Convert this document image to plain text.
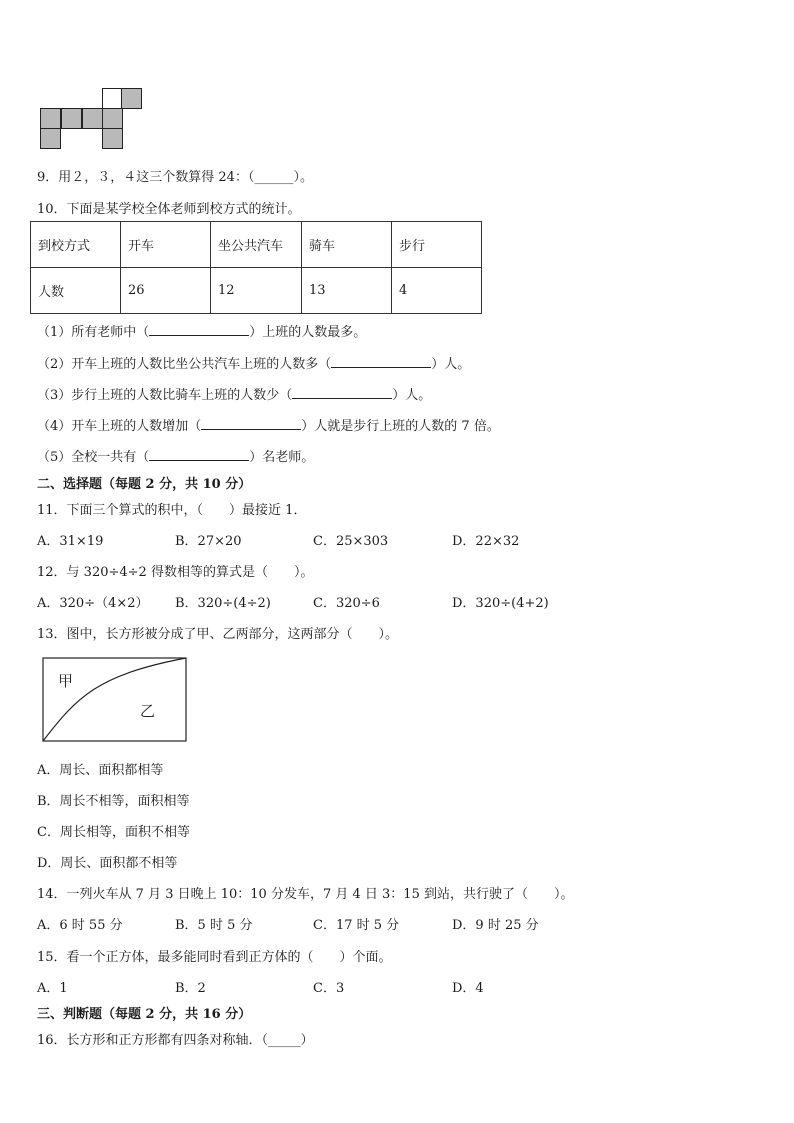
9．用２，３，４这三个数算得 24：（______）。
10．下面是某学校全体老师到校方式的统计。
到校方式	开车	坐公共汽车	骑车	步行
人数	26	12	13	4
（1）所有老师中（	）上班的人数最多。
（2）开车上班的人数比坐公共汽车上班的人数多（	）人。
（3）步行上班的人数比骑车上班的人数少（	）人。
（4）开车上班的人数增加（	）人就是步行上班的人数的 7 倍。
（5）全校一共有（	）名老师。
二、选择题（每题 2 分，共 10 分）
11．下面三个算式的积中，（　　）最接近 1．
A．31×19	B．27×20	C．25×303	D．22×32
12．与 320÷4÷2 得数相等的算式是（　　）。
A．320÷（4×2） B．320÷(4÷2)	C．320÷6	D．320÷(4+2)
13．图中，长方形被分成了甲、乙两部分，这两部分（　　）。
甲
乙
A．周长、面积都相等
B．周长不相等，面积相等
C．周长相等，面积不相等
D．周长、面积都不相等
14．一列火车从 7 月 3 日晚上 10：10 分发车，7 月 4 日 3：15 到站，共行驶了（　　）。
A．6 时 55 分	B．5 时 5 分	C．17 时 5 分	D．9 时 25 分
15．看一个正方体，最多能同时看到正方体的（　　）个面。
A．1	B．2	C．3	D．4
三、判断题（每题 2 分，共 16 分）
16．长方形和正方形都有四条对称轴．（_____）
